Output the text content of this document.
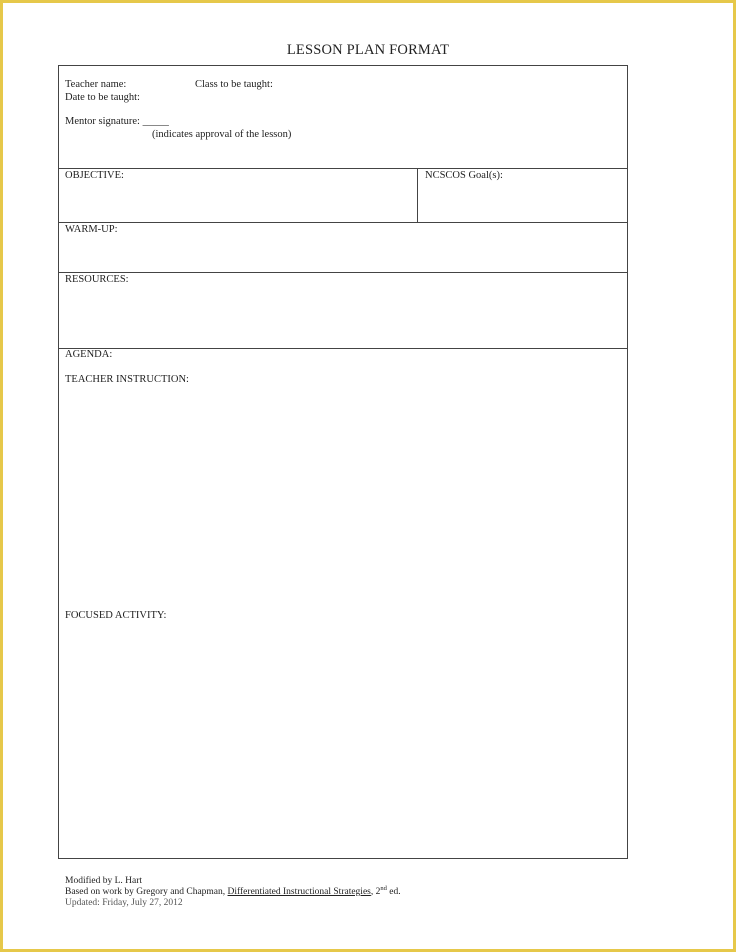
LESSON PLAN FORMAT
Teacher name:	Class to be taught:
Date to be taught:
Mentor signature: _____
(indicates approval of the lesson)
OBJECTIVE:	NCSCOS Goal(s):
WARM-UP:
RESOURCES:
AGENDA:
TEACHER INSTRUCTION:
FOCUSED ACTIVITY:
Modified by L. Hart
Based on work by Gregory and Chapman, Differentiated Instructional Strategies, 2nd ed.
Updated: Friday, July 27, 2012
